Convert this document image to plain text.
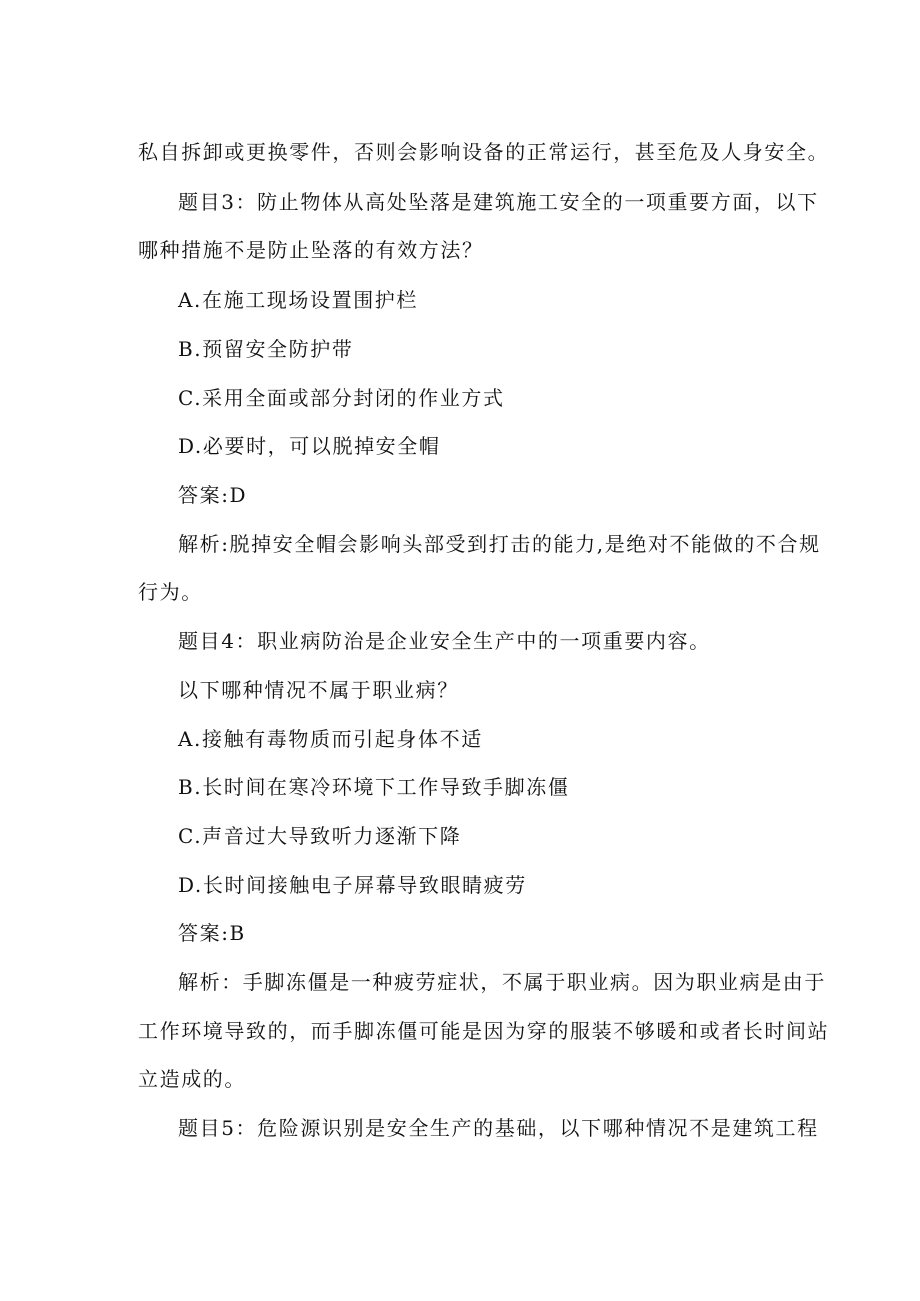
私自拆卸或更换零件，否则会影响设备的正常运行，甚至危及人身安全。
题目3：防止物体从高处坠落是建筑施工安全的一项重要方面，以下
哪种措施不是防止坠落的有效方法？
A.在施工现场设置围护栏
B.预留安全防护带
C.采用全面或部分封闭的作业方式
D.必要时，可以脱掉安全帽
答案:D
解析:脱掉安全帽会影响头部受到打击的能力,是绝对不能做的不合规
行为。
题目4：职业病防治是企业安全生产中的一项重要内容。
以下哪种情况不属于职业病？
A.接触有毒物质而引起身体不适
B.长时间在寒冷环境下工作导致手脚冻僵
C.声音过大导致听力逐渐下降
D.长时间接触电子屏幕导致眼睛疲劳
答案:B
解析：手脚冻僵是一种疲劳症状，不属于职业病。因为职业病是由于
工作环境导致的，而手脚冻僵可能是因为穿的服装不够暖和或者长时间站
立造成的。
题目5：危险源识别是安全生产的基础，以下哪种情况不是建筑工程
